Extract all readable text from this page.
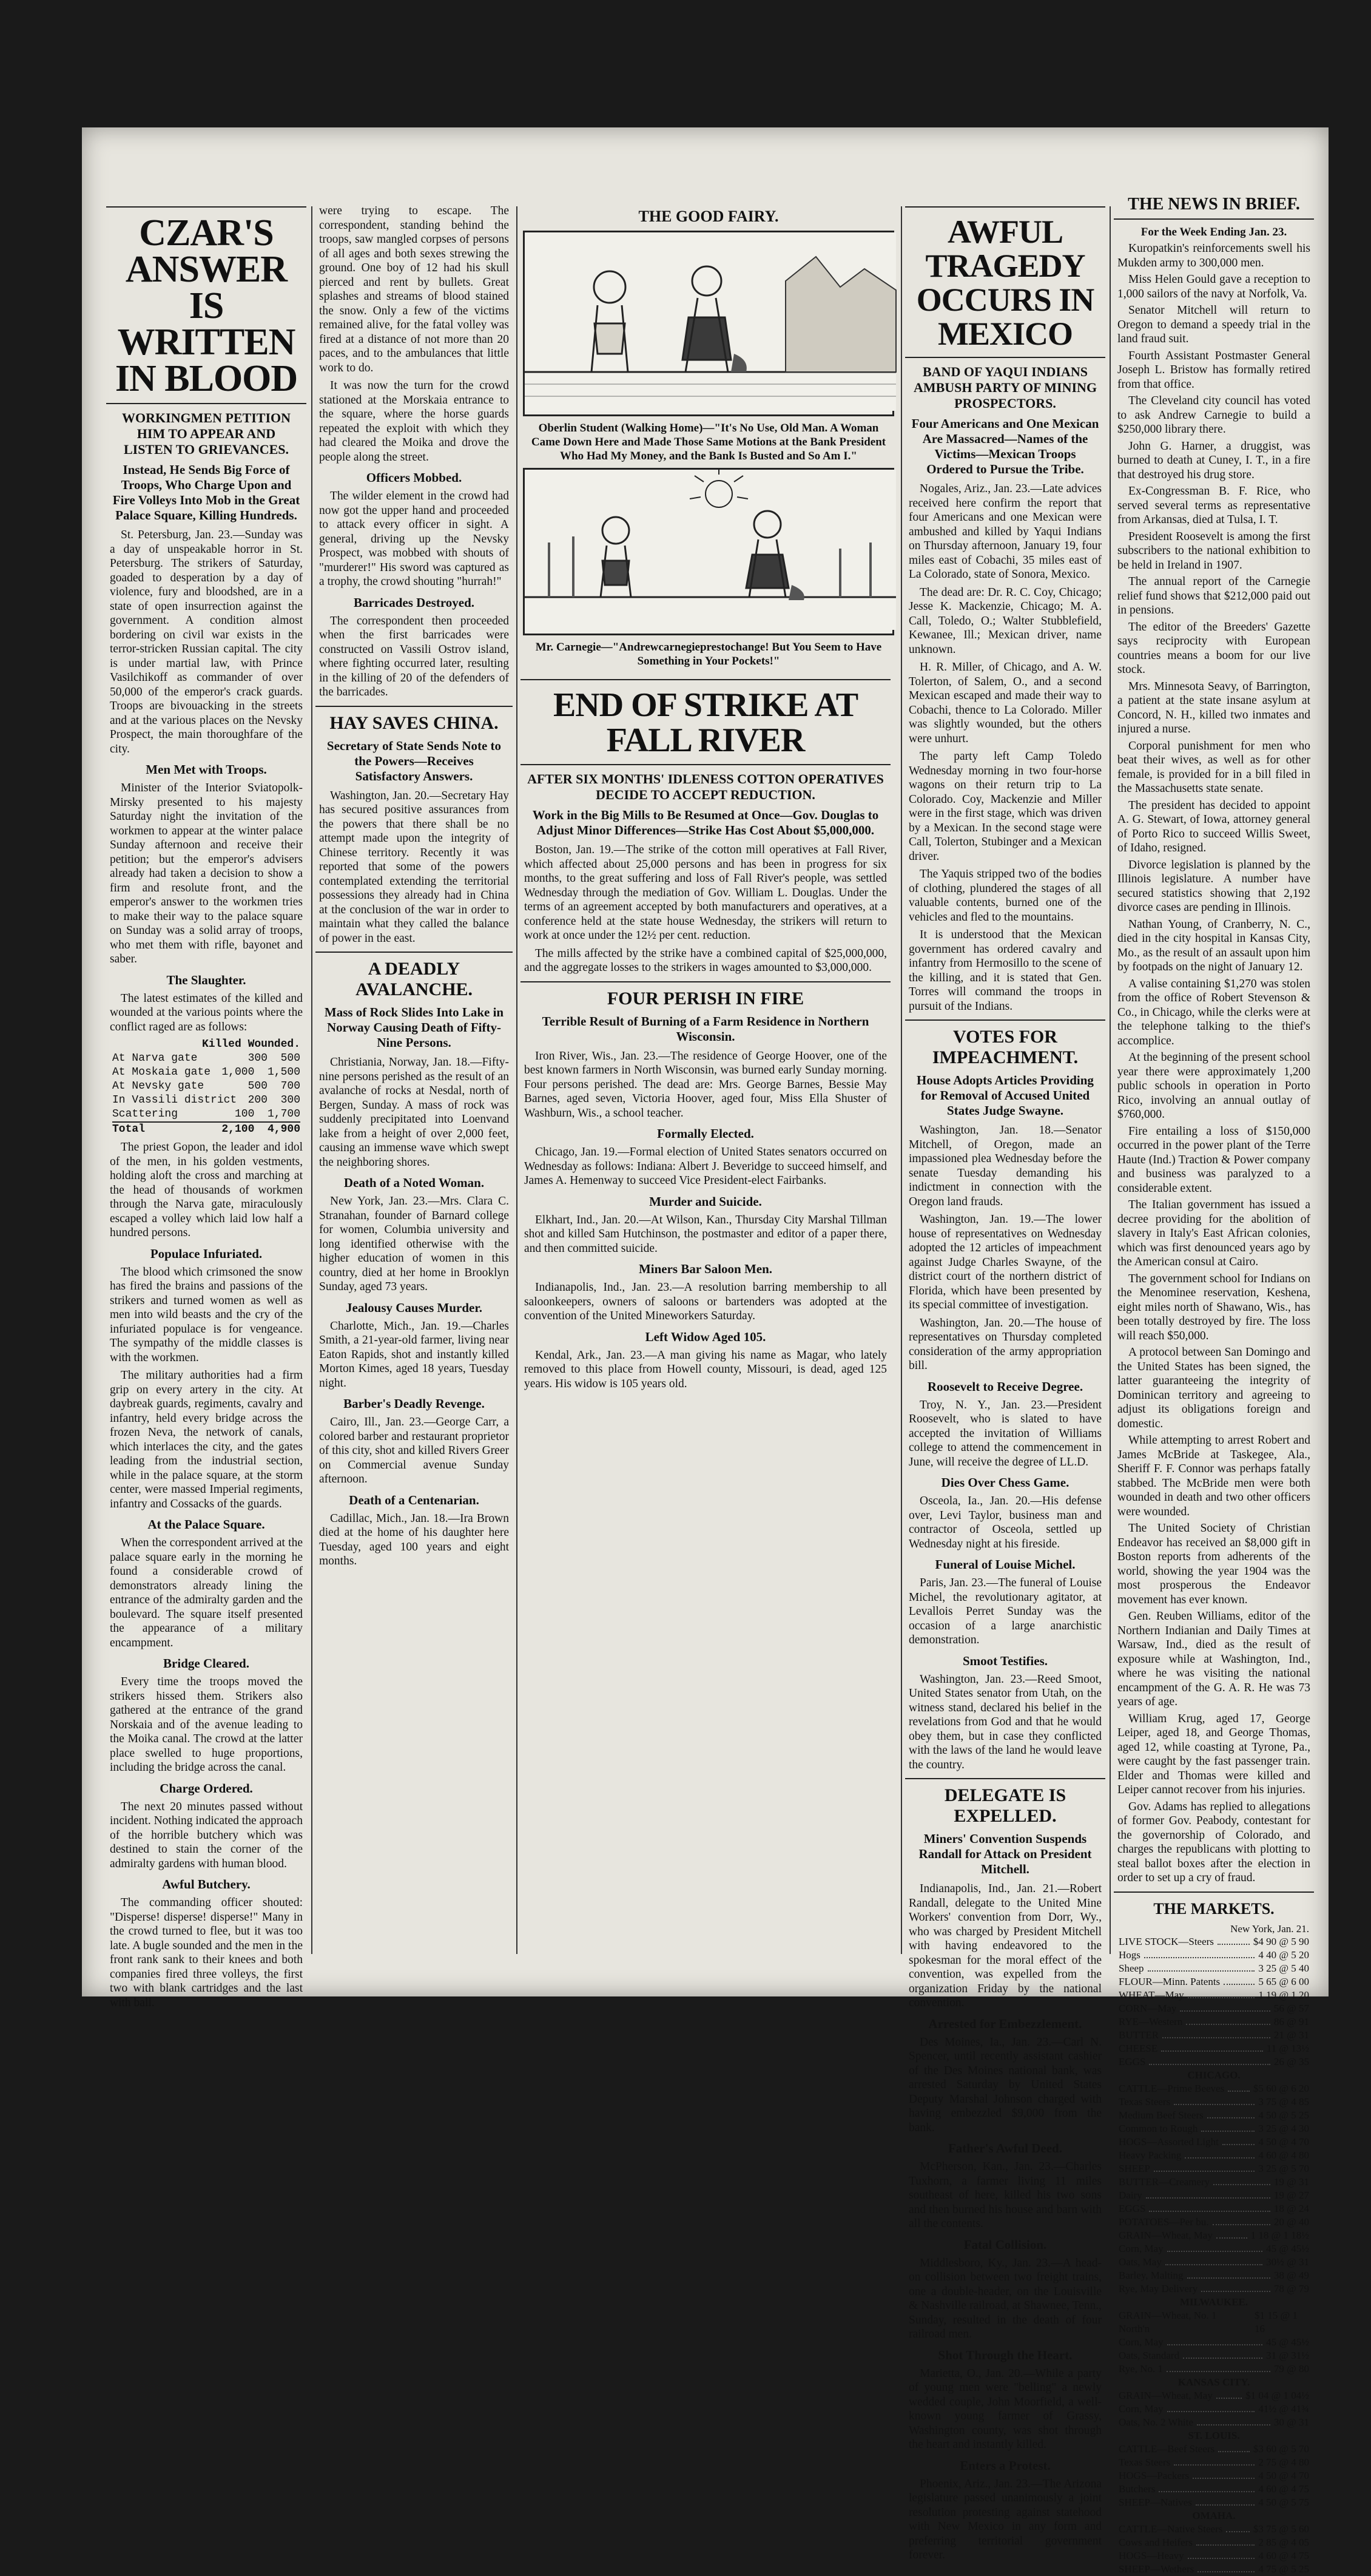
CZAR'S ANSWER IS WRITTEN IN BLOOD
WORKINGMEN PETITION HIM TO APPEAR AND LISTEN TO GRIEVANCES.
Instead, He Sends Big Force of Troops, Who Charge Upon and Fire Volleys Into Mob in the Great Palace Square, Killing Hundreds.

St. Petersburg, Jan. 23.—Sunday was a day of unspeakable horror in St. Petersburg. The strikers of Saturday, goaded to desperation by a day of violence, fury and bloodshed, are in a state of open insurrection against the government. A condition almost bordering on civil war exists in the terror-stricken Russian capital. The city is under martial law, with Prince Vasilchikoff as commander of over 50,000 of the emperor's crack guards. Troops are bivouacking in the streets and at the various places on the Nevsky Prospect, the main thoroughfare of the city.

Men Met with Troops.

Minister of the Interior Sviatopolk-Mirsky presented to his majesty Saturday night the invitation of the workmen to appear at the winter palace Sunday afternoon and receive their petition; but the emperor's advisers already had taken a decision to show a firm and resolute front, and the emperor's answer to the workmen tries to make their way to the palace square on Sunday was a solid array of troops, who met them with rifle, bayonet and saber.

The Slaughter.

The latest estimates of the killed and wounded at the various points where the conflict raged are as follows:

Killed Wounded.
At Narva gate	300 500
At Moskaia gate 1,000 1,500
At Nevsky gate	500 700
In Vassili district 200 300
Scattering	100 1,700
Total	2,100 4,900

The priest Gopon, the leader and idol of the men, in his golden vestments, holding aloft the cross and marching at the head of thousands of workmen through the Narva gate, miraculously escaped a volley which laid low half a hundred persons.

Populace Infuriated.

The blood which crimsoned the snow has fired the brains and passions of the strikers and turned women as well as men into wild beasts and the cry of the infuriated populace is for vengeance. The sympathy of the middle classes is with the workmen.

The military authorities had a firm grip on every artery in the city. At daybreak guards, regiments, cavalry and infantry, held every bridge across the frozen Neva, the network of canals, which interlaces the city, and the gates leading from the industrial section, while in the palace square, at the storm center, were massed Imperial regiments, infantry and Cossacks of the guards.

At the Palace Square.

When the correspondent arrived at the palace square early in the morning he found a considerable crowd of demonstrators already lining the entrance of the admiralty garden and the boulevard. The square itself presented the appearance of a military encampment.

Bridge Cleared.

Every time the troops moved the strikers hissed them. Strikers also gathered at the entrance of the grand Norskaia and of the avenue leading to the Moika canal. The crowd at the latter place swelled to huge proportions, including the bridge across the canal.

Charge Ordered.

The next 20 minutes passed without incident. Nothing indicated the approach of the horrible butchery which was destined to stain the corner of the admiralty gardens with human blood.

Awful Butchery.

The commanding officer shouted: "Disperse! disperse! disperse!" Many in the crowd turned to flee, but it was too late. A bugle sounded and the men in the front rank sank to their knees and both companies fired three volleys, the first two with blank cartridges and the last with ball.

were trying to escape. The correspondent, standing behind the troops, saw mangled corpses of persons of all ages and both sexes strewing the ground. One boy of 12 had his skull pierced and rent by bullets. Great splashes and streams of blood stained the snow. Only a few of the victims remained alive, for the fatal volley was fired at a distance of not more than 20 paces, and to the ambulances that little work to do.

It was now the turn for the crowd stationed at the Morskaia entrance to the square, where the horse guards repeated the exploit with which they had cleared the Moika and drove the people along the street.

Officers Mobbed.

The wilder element in the crowd had now got the upper hand and proceeded to attack every officer in sight. A general, driving up the Nevsky Prospect, was mobbed with shouts of "murderer!" His sword was captured as a trophy, the crowd shouting "hurrah!"

Barricades Destroyed.

The correspondent then proceeded when the first barricades were constructed on Vassili Ostrov island, where fighting occurred later, resulting in the killing of 20 of the defenders of the barricades.

HAY SAVES CHINA.
Secretary of State Sends Note to the Powers—Receives Satisfactory Answers.

Washington, Jan. 20.—Secretary Hay has secured positive assurances from the powers that there shall be no attempt made upon the integrity of Chinese territory. Recently it was reported that some of the powers contemplated extending the territorial possessions they already had in China at the conclusion of the war in order to maintain what they called the balance of power in the east.

A DEADLY AVALANCHE.
Mass of Rock Slides Into Lake in Norway Causing Death of Fifty-Nine Persons.

Christiania, Norway, Jan. 18.—Fifty-nine persons perished as the result of an avalanche of rocks at Nesdal, north of Bergen, Sunday. A mass of rock was suddenly precipitated into Loenvand lake from a height of over 2,000 feet, causing an immense wave which swept the neighboring shores.

Death of a Noted Woman.

New York, Jan. 23.—Mrs. Clara C. Stranahan, founder of Barnard college for women, Columbia university and long identified otherwise with the higher education of women in this country, died at her home in Brooklyn Sunday, aged 73 years.

Jealousy Causes Murder.

Charlotte, Mich., Jan. 19.—Charles Smith, a 21-year-old farmer, living near Eaton Rapids, shot and instantly killed Morton Kimes, aged 18 years, Tuesday night.

Barber's Deadly Revenge.

Cairo, Ill., Jan. 23.—George Carr, a colored barber and restaurant proprietor of this city, shot and killed Rivers Greer on Commercial avenue Sunday afternoon.

Death of a Centenarian.

Cadillac, Mich., Jan. 18.—Ira Brown died at the home of his daughter here Tuesday, aged 100 years and eight months.

THE GOOD FAIRY.
Oberlin Student (Walking Home)—"It's No Use, Old Man. A Woman Came Down Here and Made Those Same Motions at the Bank President Who Had My Money, and the Bank Is Busted and So Am I."
Mr. Carnegie—"Andrewcarnegieprestochange! But You Seem to Have Something in Your Pockets!"
END OF STRIKE AT FALL RIVER
AFTER SIX MONTHS' IDLENESS COTTON OPERATIVES DECIDE TO ACCEPT REDUCTION.
Work in the Big Mills to Be Resumed at Once—Gov. Douglas to Adjust Minor Differences—Strike Has Cost About $5,000,000.

Boston, Jan. 19.—The strike of the cotton mill operatives at Fall River, which affected about 25,000 persons and has been in progress for six months, to the great suffering and loss of Fall River's people, was settled Wednesday through the mediation of Gov. William L. Douglas. Under the terms of an agreement accepted by both manufacturers and operatives, at a conference held at the state house Wednesday, the strikers will return to work at once under the 12½ per cent. reduction.

The mills affected by the strike have a combined capital of $25,000,000, and the aggregate losses to the strikers in wages amounted to $3,000,000.

FOUR PERISH IN FIRE
Terrible Result of Burning of a Farm Residence in Northern Wisconsin.

Iron River, Wis., Jan. 23.—The residence of George Hoover, one of the best known farmers in North Wisconsin, was burned early Sunday morning. Four persons perished. The dead are: Mrs. George Barnes, Bessie May Barnes, aged seven, Victoria Hoover, aged four, Miss Ella Shuster of Washburn, Wis., a school teacher.

Formally Elected.

Chicago, Jan. 19.—Formal election of United States senators occurred on Wednesday as follows: Indiana: Albert J. Beveridge to succeed himself, and James A. Hemenway to succeed Vice President-elect Fairbanks.

Murder and Suicide.

Elkhart, Ind., Jan. 20.—At Wilson, Kan., Thursday City Marshal Tillman shot and killed Sam Hutchinson, the postmaster and editor of a paper there, and then committed suicide.

Miners Bar Saloon Men.

Indianapolis, Ind., Jan. 23.—A resolution barring membership to all saloonkeepers, owners of saloons or bartenders was adopted at the convention of the United Mineworkers Saturday.

Left Widow Aged 105.

Kendal, Ark., Jan. 23.—A man giving his name as Magar, who lately removed to this place from Howell county, Missouri, is dead, aged 125 years. His widow is 105 years old.

AWFUL TRAGEDY OCCURS IN MEXICO
BAND OF YAQUI INDIANS AMBUSH PARTY OF MINING PROSPECTORS.
Four Americans and One Mexican Are Massacred—Names of the Victims—Mexican Troops Ordered to Pursue the Tribe.

Nogales, Ariz., Jan. 23.—Late advices received here confirm the report that four Americans and one Mexican were ambushed and killed by Yaqui Indians on Thursday afternoon, January 19, four miles east of Cobachi, 35 miles east of La Colorado, state of Sonora, Mexico.

The dead are: Dr. R. C. Coy, Chicago; Jesse K. Mackenzie, Chicago; M. A. Call, Toledo, O.; Walter Stubblefield, Kewanee, Ill.; Mexican driver, name unknown.

H. R. Miller, of Chicago, and A. W. Tolerton, of Salem, O., and a second Mexican escaped and made their way to Cobachi, thence to La Colorado. Miller was slightly wounded, but the others were unhurt.

The party left Camp Toledo Wednesday morning in two four-horse wagons on their return trip to La Colorado. Coy, Mackenzie and Miller were in the first stage, which was driven by a Mexican. In the second stage were Call, Tolerton, Stubinger and a Mexican driver.

The Yaquis stripped two of the bodies of clothing, plundered the stages of all valuable contents, burned one of the vehicles and fled to the mountains.

It is understood that the Mexican government has ordered cavalry and infantry from Hermosillo to the scene of the killing, and it is stated that Gen. Torres will command the troops in pursuit of the Indians.

VOTES FOR IMPEACHMENT.
House Adopts Articles Providing for Removal of Accused United States Judge Swayne.

Washington, Jan. 18.—Senator Mitchell, of Oregon, made an impassioned plea Wednesday before the senate Tuesday demanding his indictment in connection with the Oregon land frauds.

Washington, Jan. 19.—The lower house of representatives on Wednesday adopted the 12 articles of impeachment against Judge Charles Swayne, of the district court of the northern district of Florida, which have been presented by its special committee of investigation.

Washington, Jan. 20.—The house of representatives on Thursday completed consideration of the army appropriation bill.

Roosevelt to Receive Degree.

Troy, N. Y., Jan. 23.—President Roosevelt, who is slated to have accepted the invitation of Williams college to attend the commencement in June, will receive the degree of LL.D.

Dies Over Chess Game.

Osceola, Ia., Jan. 20.—His defense over, Levi Taylor, business man and contractor of Osceola, settled up Wednesday night at his fireside.

Funeral of Louise Michel.

Paris, Jan. 23.—The funeral of Louise Michel, the revolutionary agitator, at Levallois Perret Sunday was the occasion of a large anarchistic demonstration.

Smoot Testifies.

Washington, Jan. 23.—Reed Smoot, United States senator from Utah, on the witness stand, declared his belief in the revelations from God and that he would obey them, but in case they conflicted with the laws of the land he would leave the country.

DELEGATE IS EXPELLED.
Miners' Convention Suspends Randall for Attack on President Mitchell.

Indianapolis, Ind., Jan. 21.—Robert Randall, delegate to the United Mine Workers' convention from Dorr, Wy., who was charged by President Mitchell with having endeavored to the spokesman for the moral effect of the convention, was expelled from the organization Friday by the national convention.

Arrested for Embezzlement.

Des Moines, Ia., Jan. 23.—Carl N. Spencer, until recently assistant cashier of the Des Moines national bank, was arrested Saturday by United States Deputy Marshal Johnson charged with having embezzled $9,000 from the bank.

Father's Awful Deed.

McPherson, Kan., Jan. 23.—Charles Tuxhorn, a farmer living 11 miles southeast of here, killed his two sons and then burned his house and barn with all the contents.

Fatal Collision.

Middlesboro, Ky., Jan. 23.—A head-on collision between two freight trains, one a double-header, on the Louisville & Nashville railroad, at Shawnee, Tenn., Sunday, resulted in the death of four railroad men.

Shot Through the Heart.

Marietta, O., Jan. 20.—While a party of young men were "belling" a newly wedded couple, John Moorfield, a well-known young farmer of Grassy, Washington county, was shot through the heart and instantly killed.

Enters a Protest.

Phoenix, Ariz., Jan. 23.—The Arizona legislature passed unanimously a joint resolution protesting against statehood with New Mexico in any form and preferring territorial government forever.

THE NEWS IN BRIEF.
For the Week Ending Jan. 23.

Kuropatkin's reinforcements swell his Mukden army to 300,000 men.

Miss Helen Gould gave a reception to 1,000 sailors of the navy at Norfolk, Va.

Senator Mitchell will return to Oregon to demand a speedy trial in the land fraud suit.

Fourth Assistant Postmaster General Joseph L. Bristow has formally retired from that office.

The Cleveland city council has voted to ask Andrew Carnegie to build a $250,000 library there.

John G. Harner, a druggist, was burned to death at Cuney, I. T., in a fire that destroyed his drug store.

Ex-Congressman B. F. Rice, who served several terms as representative from Arkansas, died at Tulsa, I. T.

President Roosevelt is among the first subscribers to the national exhibition to be held in Ireland in 1907.

The annual report of the Carnegie relief fund shows that $212,000 paid out in pensions.

The editor of the Breeders' Gazette says reciprocity with European countries means a boom for our live stock.

Mrs. Minnesota Seavy, of Barrington, a patient at the state insane asylum at Concord, N. H., killed two inmates and injured a nurse.

Corporal punishment for men who beat their wives, as well as for other female, is provided for in a bill filed in the Massachusetts state senate.

The president has decided to appoint A. G. Stewart, of Iowa, attorney general of Porto Rico to succeed Willis Sweet, of Idaho, resigned.

Divorce legislation is planned by the Illinois legislature. A number have secured statistics showing that 2,192 divorce cases are pending in Illinois.

Nathan Young, of Cranberry, N. C., died in the city hospital in Kansas City, Mo., as the result of an assault upon him by footpads on the night of January 12.

A valise containing $1,270 was stolen from the office of Robert Stevenson & Co., in Chicago, while the clerks were at the telephone talking to the thief's accomplice.

At the beginning of the present school year there were approximately 1,200 public schools in operation in Porto Rico, involving an annual outlay of $760,000.

Fire entailing a loss of $150,000 occurred in the power plant of the Terre Haute (Ind.) Traction & Power company and business was paralyzed to a considerable extent.

The Italian government has issued a decree providing for the abolition of slavery in Italy's East African colonies, which was first denounced years ago by the American consul at Cairo.

The government school for Indians on the Menominee reservation, Keshena, eight miles north of Shawano, Wis., has been totally destroyed by fire. The loss will reach $50,000.

A protocol between San Domingo and the United States has been signed, the latter guaranteeing the integrity of Dominican territory and agreeing to adjust its obligations foreign and domestic.

While attempting to arrest Robert and James McBride at Taskegee, Ala., Sheriff F. F. Connor was perhaps fatally stabbed. The McBride men were both wounded in death and two other officers were wounded.

The United Society of Christian Endeavor has received an $8,000 gift in Boston reports from adherents of the world, showing the year 1904 was the most prosperous the Endeavor movement has ever known.

Gen. Reuben Williams, editor of the Northern Indianian and Daily Times at Warsaw, Ind., died as the result of exposure while at Washington, Ind., where he was visiting the national encampment of the G. A. R. He was 73 years of age.

William Krug, aged 17, George Leiper, aged 18, and George Thomas, aged 12, while coasting at Tyrone, Pa., were caught by the fast passenger train. Elder and Thomas were killed and Leiper cannot recover from his injuries.

Gov. Adams has replied to allegations of former Gov. Peabody, contestant for the governorship of Colorado, and charges the republicans with plotting to steal ballot boxes after the election in order to set up a cry of fraud.

THE MARKETS.
New York, Jan. 21.
LIVE STOCK—Steers	$4 90 @ 5 90
Hogs	4 40 @ 5 20
Sheep	3 25 @ 5 40
FLOUR—Minn. Patents	5 65 @ 6 00
WHEAT—May	1 19 @ 1 20
CORN—May	56 @ 57
RYE—Western	86 @ 91
BUTTER	21 @ 31
CHEESE	11 @ 13½
EGGS	26 @ 35
CHICAGO.
CATTLE—Prime Beeves	$5 60 @ 6 20
Texas Steers	3 75 @ 4 85
Medium Beef Steers	4 50 @ 5 25
Common to Rough	3 25 @ 4 30
HOGS—Assorted Light	4 50 @ 4 70
Heavy Packing	4 60 @ 4 80
SHEEP	3 25 @ 5 70
BUTTER—Creamery	19 @ 31
Dairy	19 @ 27
EGGS	18 @ 24
POTATOES—Per bu.	20 @ 40
GRAIN—Wheat, May	1 18 @ 1 18½
Corn, May	45 @ 45½
Oats, May	30½ @ 31
Barley, Malting	38 @ 49
Rye, May Delivery	78 @ 79
MILWAUKEE.
GRAIN—Wheat, No. 1 North'n
$1 15 @ 1 16
Corn, May	45 @ 45½
Oats, Standard	31 @ 31½
Rye, No. 1	79 @ 80
KANSAS CITY.
GRAIN—Wheat, May	$1 04 @ 1 04½
Corn, May	41½ @ 41¾
Oats, No. 2 White	30 @ 31
ST. LOUIS.
CATTLE—Beef Steers	$3 60 @ 5 70
Texas Steers	2 75 @ 4 80
HOGS—Packers	4 50 @ 4 70
Butchers	4 60 @ 4 75
SHEEP—Natives	4 50 @ 5 75
OMAHA.
CATTLE—Native Steers	$3 75 @ 5 60
Cows and Heifers	2 85 @ 4 05
HOGS—Heavy	4 60 @ 4 75
SHEEP—Wethers	4 75 @ 5 25
